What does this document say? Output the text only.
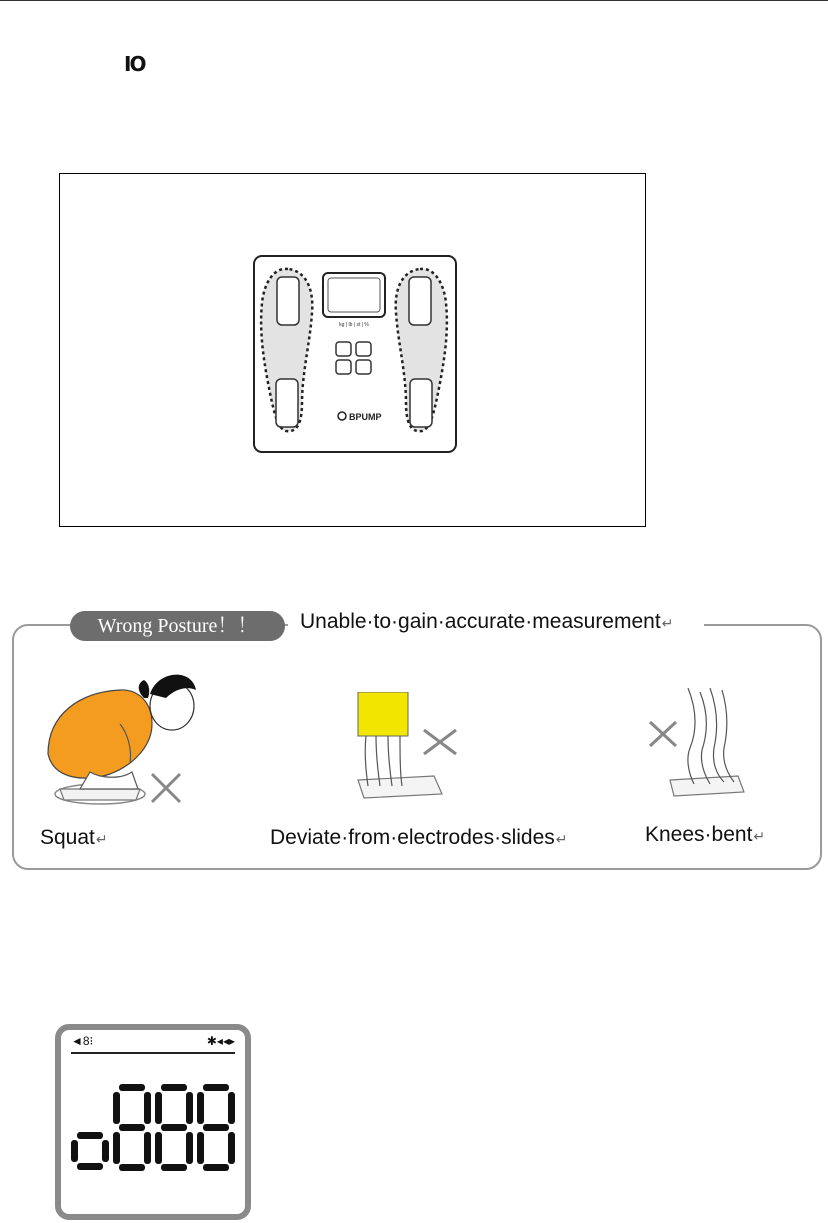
IO
kg | lb | st | %
BPUMP
Wrong Posture！！	Unable·to·gain·accurate·measurement↵
Squat↵	Deviate·from·electrodes·slides↵	Knees·bent↵
◄8⁝	✱◂◂▸
